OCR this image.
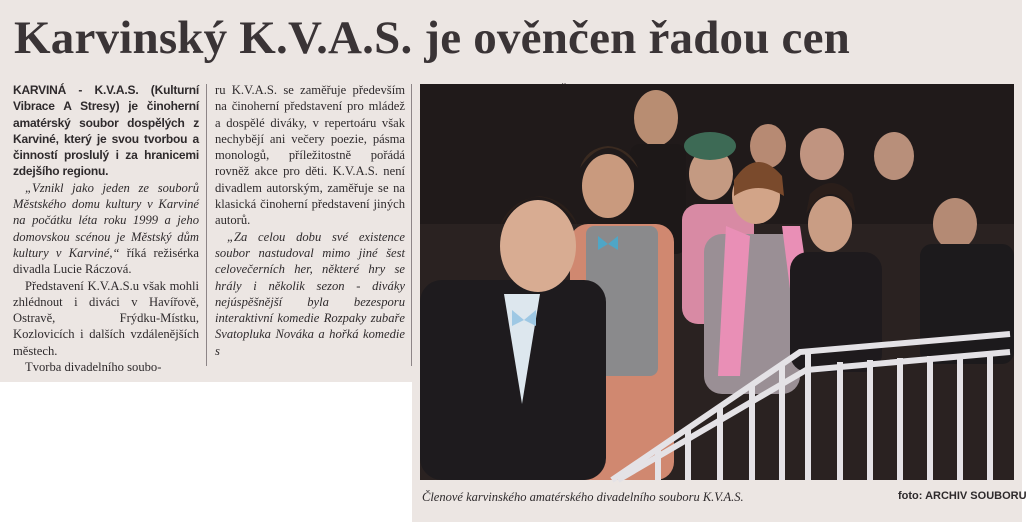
Karvinský K.V.A.S. je ověnčen řadou cen

KARVINÁ - K.V.A.S. (Kulturní Vibrace A Stresy) je činoherní amatérský soubor dospělých z Karviné, který je svou tvorbou a činností proslulý i za hranicemi zdejšího regionu.

„Vznikl jako jeden ze souborů Městského domu kultury v Karviné na počátku léta roku 1999 a jeho domovskou scénou je Městský dům kultury v Karviné,“ říká režisérka divadla Lucie Ráczová.

Představení K.V.A.S.u však mohli zhlédnout i diváci v Havířově, Ostravě, Frýdku-Místku, Kozlovicích i dalších vzdálenějších městech.

Tvorba divadelního soubo-

ru K.V.A.S. se zaměřuje především na činoherní představení pro mládež a dospělé diváky, v repertoáru však nechybějí ani večery poezie, pásma monologů, příležitostně pořádá rovněž akce pro děti. K.V.A.S. není divadlem autorským, zaměřuje se na klasická činoherní představení jiných autorů.

„Za celou dobu své existence soubor nastudoval mimo jiné šest celovečerních her, některé hry se hrály i několik sezon - diváky nejúspěšnější byla bezesporu interaktivní komedie Rozpaky zubaře Svatopluka Nováka a hořká komedie s

Členové karvinského amatérského divadelního souboru K.V.A.S.	foto: ARCHIV SOUBORU
